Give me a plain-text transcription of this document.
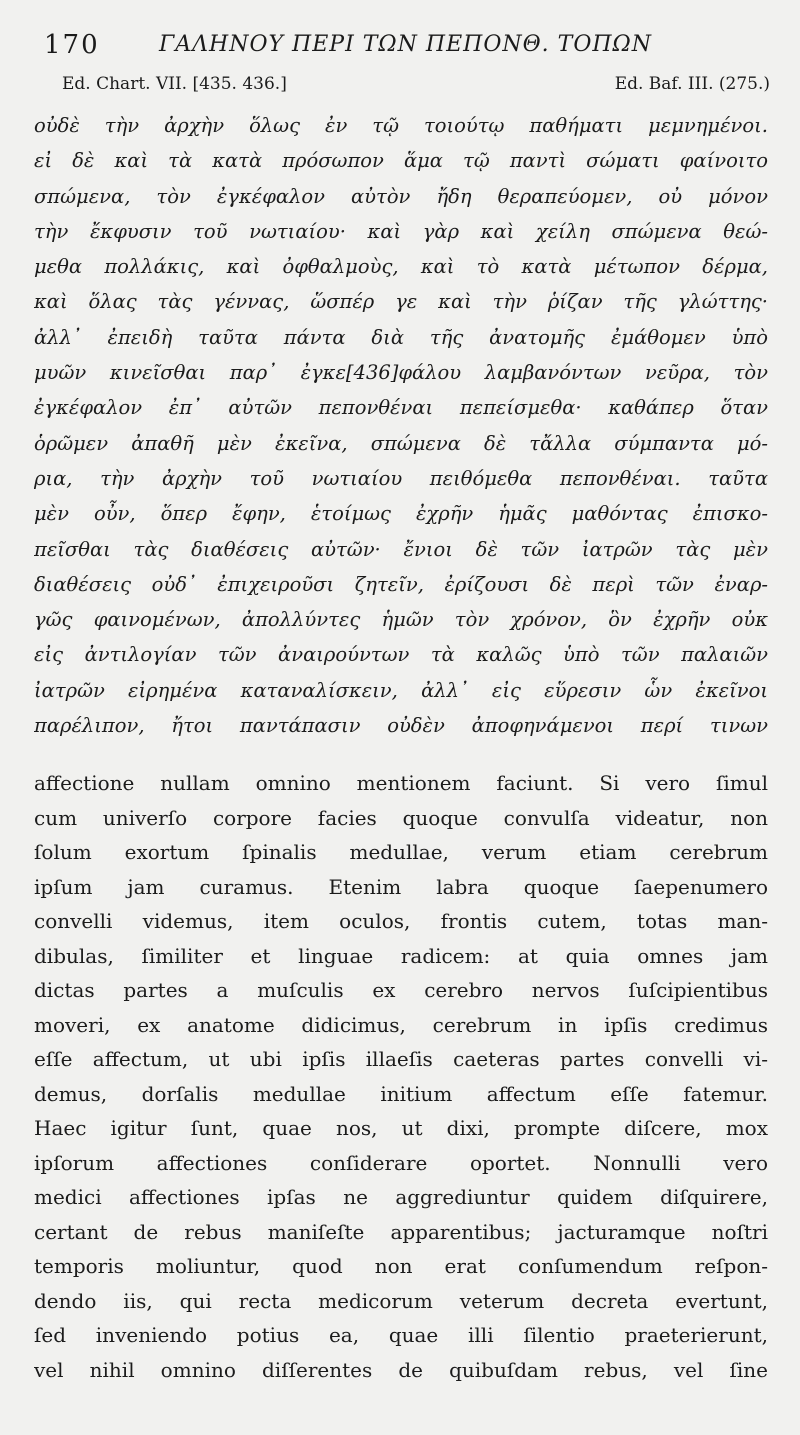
170	ΓΑΛΗΝΟΥ ΠΕΡΙ ΤΩΝ ΠΕΠΟΝΘ. ΤΟΠΩΝ
Ed. Chart. VII. [435. 436.]	Ed. Baf. III. (275.)
οὐδὲ τὴν ἀρχὴν ὅλως ἐν τῷ τοιούτῳ παθήματι μεμνημένοι.
εἰ δὲ καὶ τὰ κατὰ πρόσωπον ἅμα τῷ παντὶ σώματι φαίνοιτο
σπώμενα, τὸν ἐγκέφαλον αὐτὸν ἤδη θεραπεύομεν, οὐ μόνον
τὴν ἔκφυσιν τοῦ νωτιαίου· καὶ γὰρ καὶ χείλη σπώμενα θεώ-
μεθα πολλάκις, καὶ ὀφθαλμοὺς, καὶ τὸ κατὰ μέτωπον δέρμα,
καὶ ὅλας τὰς γέννας, ὥσπέρ γε καὶ τὴν ῥίζαν τῆς γλώττης·
ἀλλ᾽ ἐπειδὴ ταῦτα πάντα διὰ τῆς ἀνατομῆς ἐμάθομεν ὑπὸ
μυῶν κινεῖσθαι παρ᾽ ἐγκε[436]φάλου λαμβανόντων νεῦρα, τὸν
ἐγκέφαλον ἐπ᾽ αὐτῶν πεπονθέναι πεπείσμεθα· καθάπερ ὅταν
ὁρῶμεν ἀπαθῆ μὲν ἐκεῖνα, σπώμενα δὲ τἄλλα σύμπαντα μό-
ρια, τὴν ἀρχὴν τοῦ νωτιαίου πειθόμεθα πεπονθέναι. ταῦτα
μὲν οὖν, ὅπερ ἔφην, ἑτοίμως ἐχρῆν ἡμᾶς μαθόντας ἐπισκο-
πεῖσθαι τὰς διαθέσεις αὐτῶν· ἔνιοι δὲ τῶν ἰατρῶν τὰς μὲν
διαθέσεις οὐδ᾽ ἐπιχειροῦσι ζητεῖν, ἐρίζουσι δὲ περὶ τῶν ἐναρ-
γῶς φαινομένων, ἀπολλύντες ἡμῶν τὸν χρόνον, ὃν ἐχρῆν οὐκ
εἰς ἀντιλογίαν τῶν ἀναιρούντων τὰ καλῶς ὑπὸ τῶν παλαιῶν
ἰατρῶν εἰρημένα καταναλίσκειν, ἀλλ᾽ εἰς εὕρεσιν ὧν ἐκεῖνοι
παρέλιπον, ἤτοι παντάπασιν οὐδὲν ἀποφηνάμενοι περί τινων
affectione nullam omnino mentionem faciunt. Si vero ſimul
cum univerſo corpore facies quoque convulſa videatur, non
ſolum exortum ſpinalis medullae, verum etiam cerebrum
ipſum jam curamus. Etenim labra quoque ſaepenumero
convelli videmus, item oculos, frontis cutem, totas man-
dibulas, ſimiliter et linguae radicem: at quia omnes jam
dictas partes a muſculis ex cerebro nervos ſuſcipientibus
moveri, ex anatome didicimus, cerebrum in ipſis credimus
eſſe affectum, ut ubi ipſis illaeſis caeteras partes convelli vi-
demus, dorſalis medullae initium affectum eſſe fatemur.
Haec igitur ſunt, quae nos, ut dixi, prompte diſcere, mox
ipſorum affectiones conſiderare oportet. Nonnulli vero
medici affectiones ipſas ne aggrediuntur quidem diſquirere,
certant de rebus maniſeſte apparentibus; jacturamque noſtri
temporis moliuntur, quod non erat conſumendum reſpon-
dendo iis, qui recta medicorum veterum decreta evertunt,
ſed inveniendo potius ea, quae illi ſilentio praeterierunt,
vel nihil omnino diſſerentes de quibuſdam rebus, vel ſine
